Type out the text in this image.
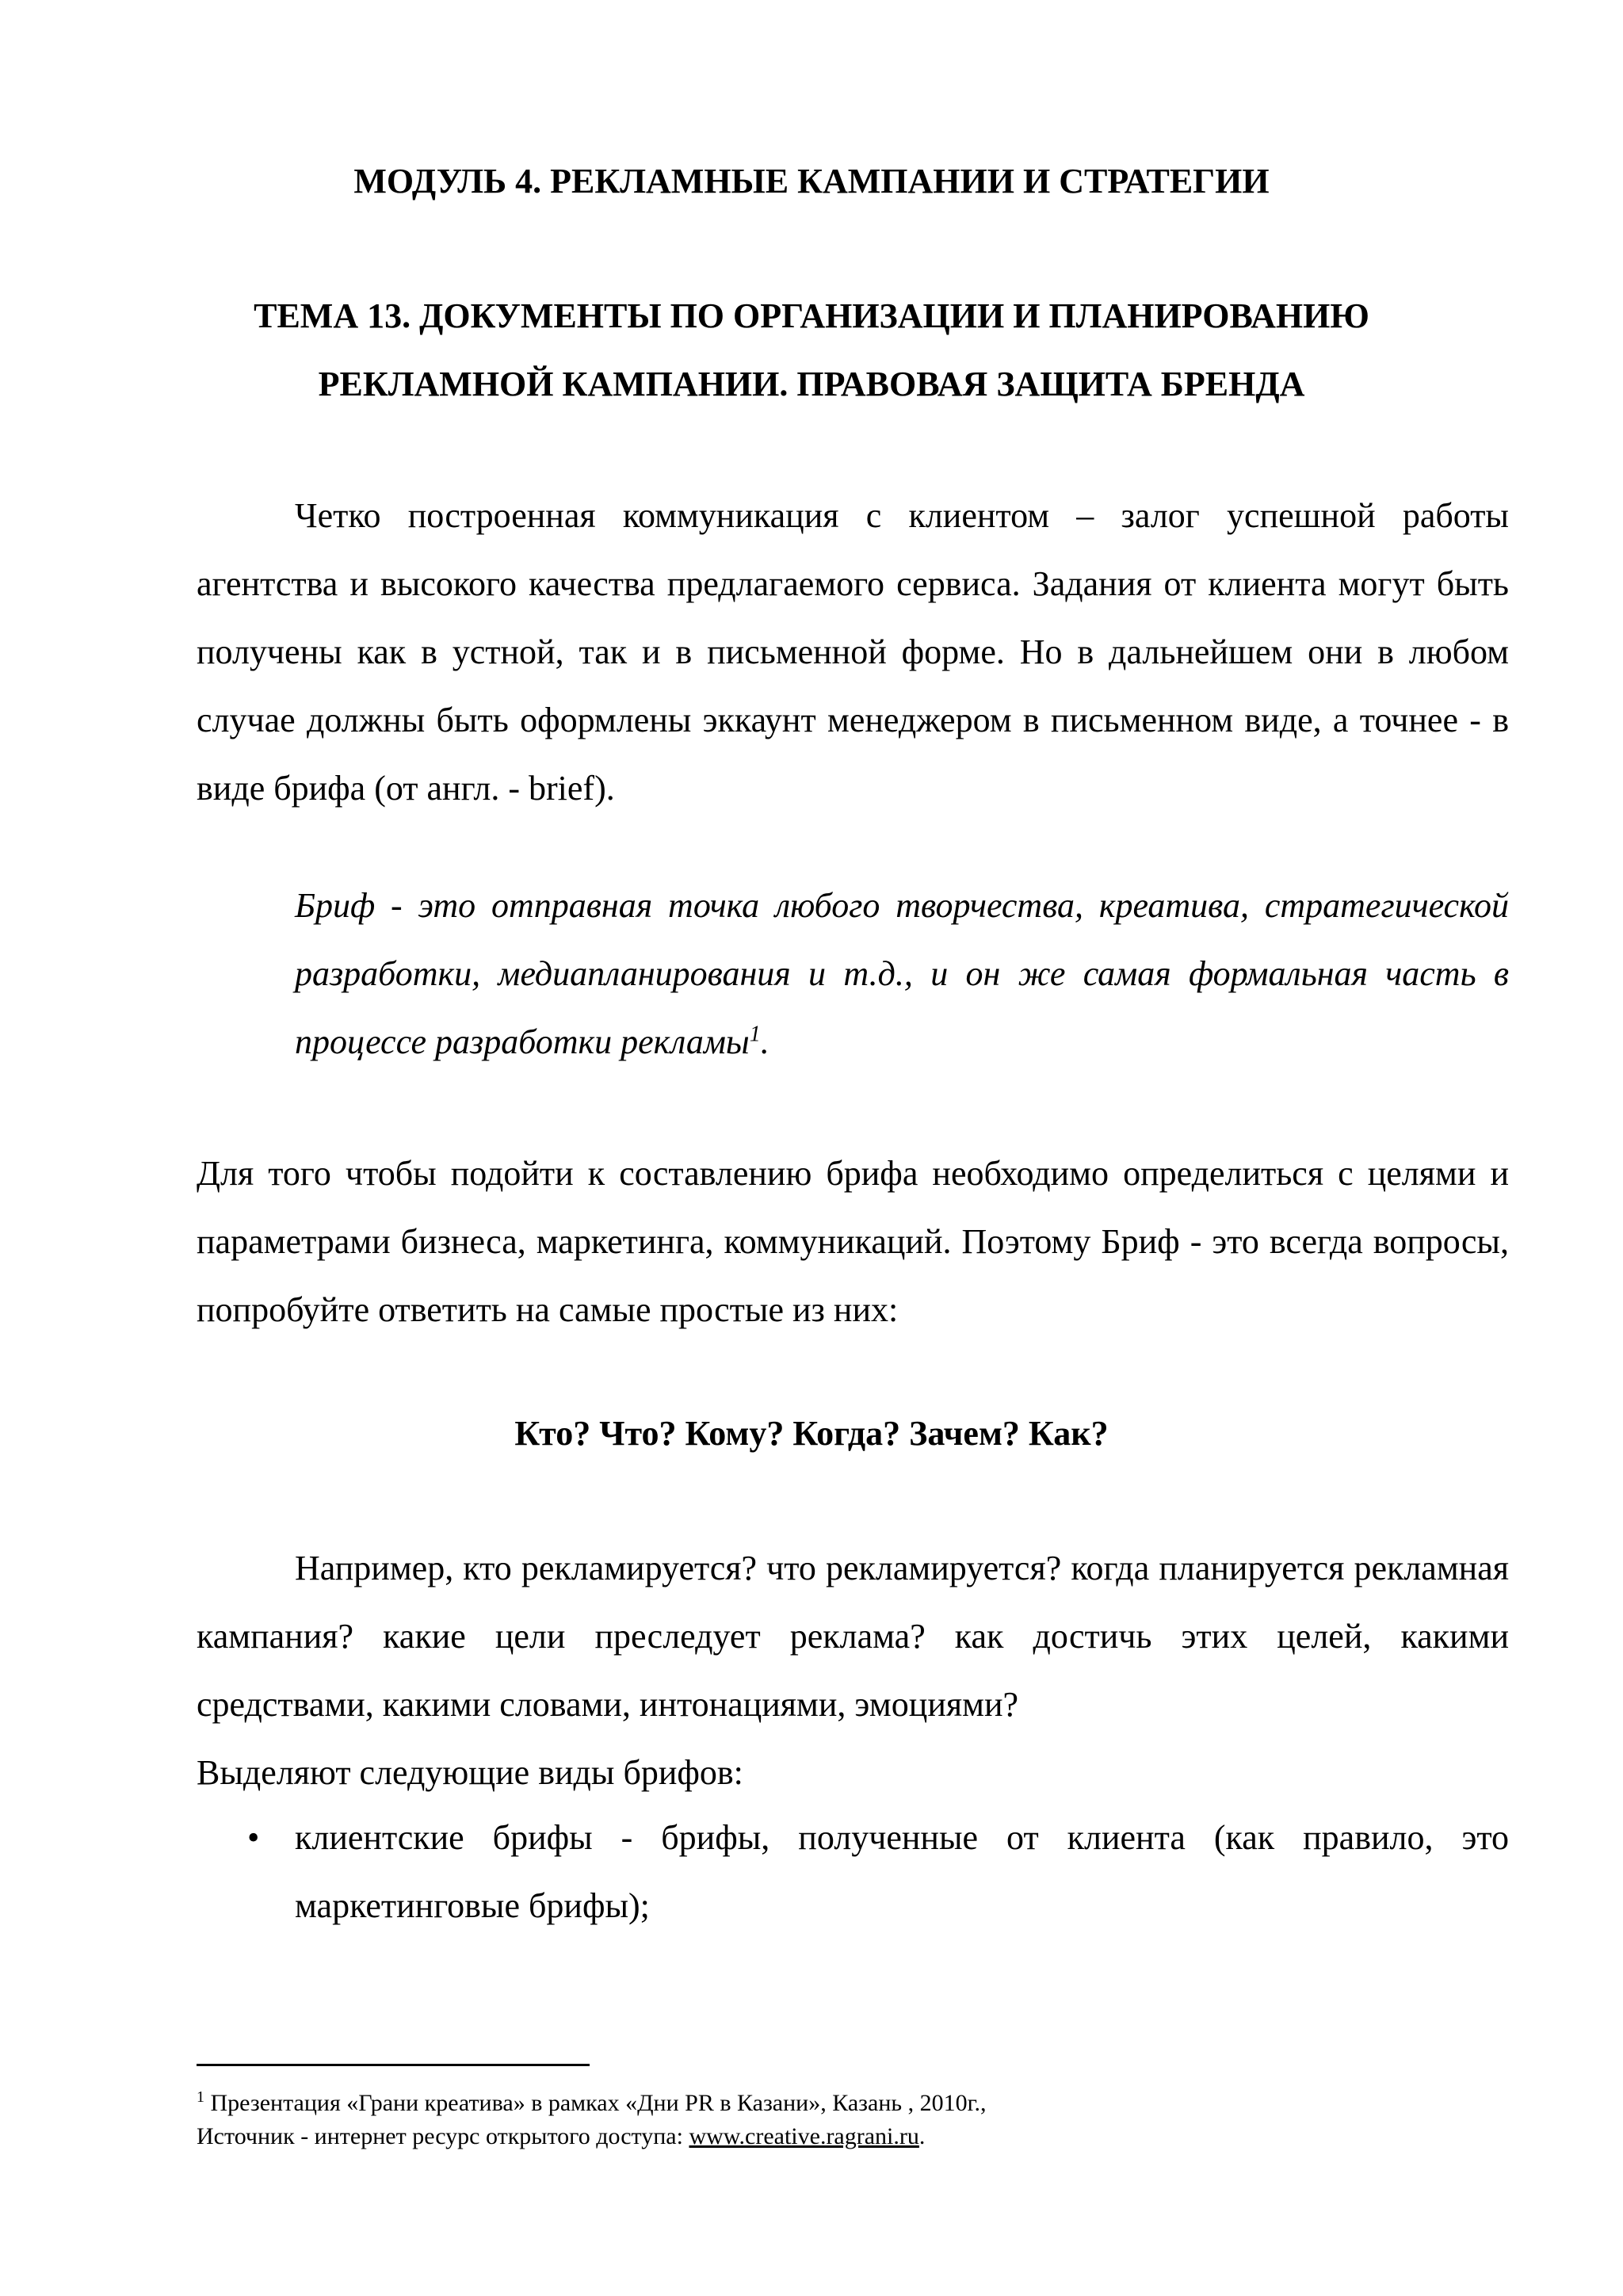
МОДУЛЬ 4. РЕКЛАМНЫЕ КАМПАНИИ И СТРАТЕГИИ
ТЕМА 13. ДОКУМЕНТЫ ПО ОРГАНИЗАЦИИ И ПЛАНИРОВАНИЮ
РЕКЛАМНОЙ КАМПАНИИ. ПРАВОВАЯ ЗАЩИТА БРЕНДА

Четко построенная коммуникация с клиентом – залог успешной работы агентства и высокого качества предлагаемого сервиса. Задания от клиента могут быть получены как в устной, так и в письменной форме. Но в дальнейшем они в любом случае должны быть оформлены эккаунт менеджером в письменном виде, а точнее - в виде брифа (от англ. - brief).

Бриф - это отправная точка любого творчества, креатива, стратегической разработки, медиапланирования и т.д., и он же самая формальная часть в процессе разработки рекламы$^1$.

Для того чтобы подойти к составлению брифа необходимо определиться с целями и параметрами бизнеса, маркетинга, коммуникаций. Поэтому Бриф - это всегда вопросы, попробуйте ответить на самые простые из них:

Кто? Что? Кому? Когда? Зачем? Как?

Например, кто рекламируется? что рекламируется? когда планируется рекламная кампания? какие цели преследует реклама? как достичь этих целей, какими средствами, какими словами, интонациями, эмоциями?

Выделяют следующие виды брифов:

• клиентские брифы - брифы, полученные от клиента (как правило, это маркетинговые брифы);

$^1$ Презентация «Грани креатива» в рамках «Дни PR в Казани», Казань , 2010г.,

Источник - интернет ресурс открытого доступа: www.creative.ragrani.ru.
